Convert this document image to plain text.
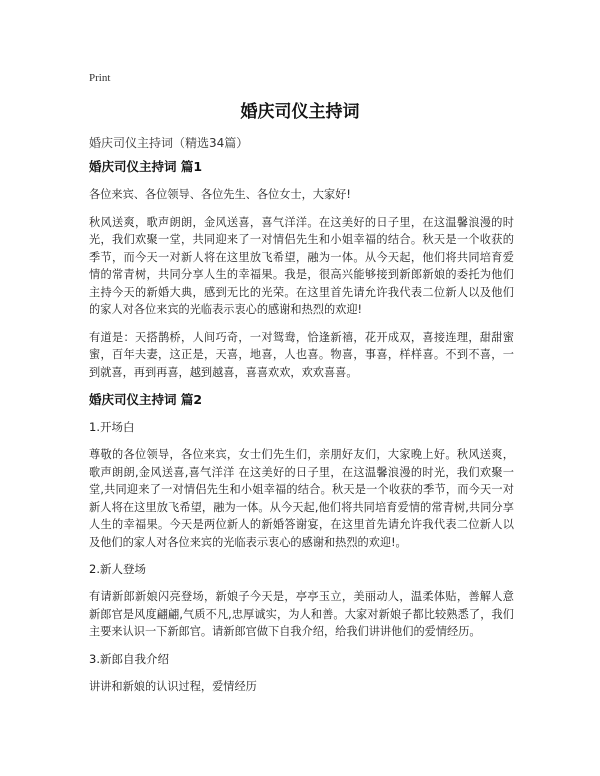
Print
婚庆司仪主持词
婚庆司仪主持词（精选34篇）
婚庆司仪主持词 篇1

各位来宾、各位领导、各位先生、各位女士，大家好!

秋风送爽，歌声朗朗，金风送喜，喜气洋洋。在这美好的日子里，在这温馨浪漫的时光，我们欢聚一堂，共同迎来了一对情侣先生和小姐幸福的结合。秋天是一个收获的季节，而今天一对新人将在这里放飞希望，融为一体。从今天起，他们将共同培育爱情的常青树，共同分享人生的幸福果。我是，很高兴能够接到新郎新娘的委托为他们主持今天的新婚大典，感到无比的光荣。在这里首先请允许我代表二位新人以及他们的家人对各位来宾的光临表示衷心的感谢和热烈的欢迎!

有道是：天搭鹊桥，人间巧奇，一对鸳鸯，恰逢新禧，花开成双，喜接连理，甜甜蜜蜜，百年夫妻，这正是，天喜，地喜，人也喜。物喜，事喜，样样喜。不到不喜，一到就喜，再到再喜，越到越喜，喜喜欢欢，欢欢喜喜。

婚庆司仪主持词 篇2
1.开场白

尊敬的各位领导，各位来宾，女士们先生们，亲朋好友们，大家晚上好。秋风送爽，歌声朗朗,金风送喜,喜气洋洋 在这美好的日子里，在这温馨浪漫的时光，我们欢聚一堂,共同迎来了一对情侣先生和小姐幸福的结合。秋天是一个收获的季节，而今天一对新人将在这里放飞希望，融为一体。从今天起,他们将共同培育爱情的常青树,共同分享人生的幸福果。今天是两位新人的新婚答谢宴，在这里首先请允许我代表二位新人以及他们的家人对各位来宾的光临表示衷心的感谢和热烈的欢迎!。

2.新人登场

有请新郎新娘闪亮登场，新娘子今天是，亭亭玉立，美丽动人，温柔体贴，善解人意新郎官是风度翩翩,气质不凡,忠厚诚实，为人和善。大家对新娘子都比较熟悉了，我们主要来认识一下新郎官。请新郎官做下自我介绍，给我们讲讲他们的爱情经历。

3.新郎自我介绍

讲讲和新娘的认识过程，爱情经历
